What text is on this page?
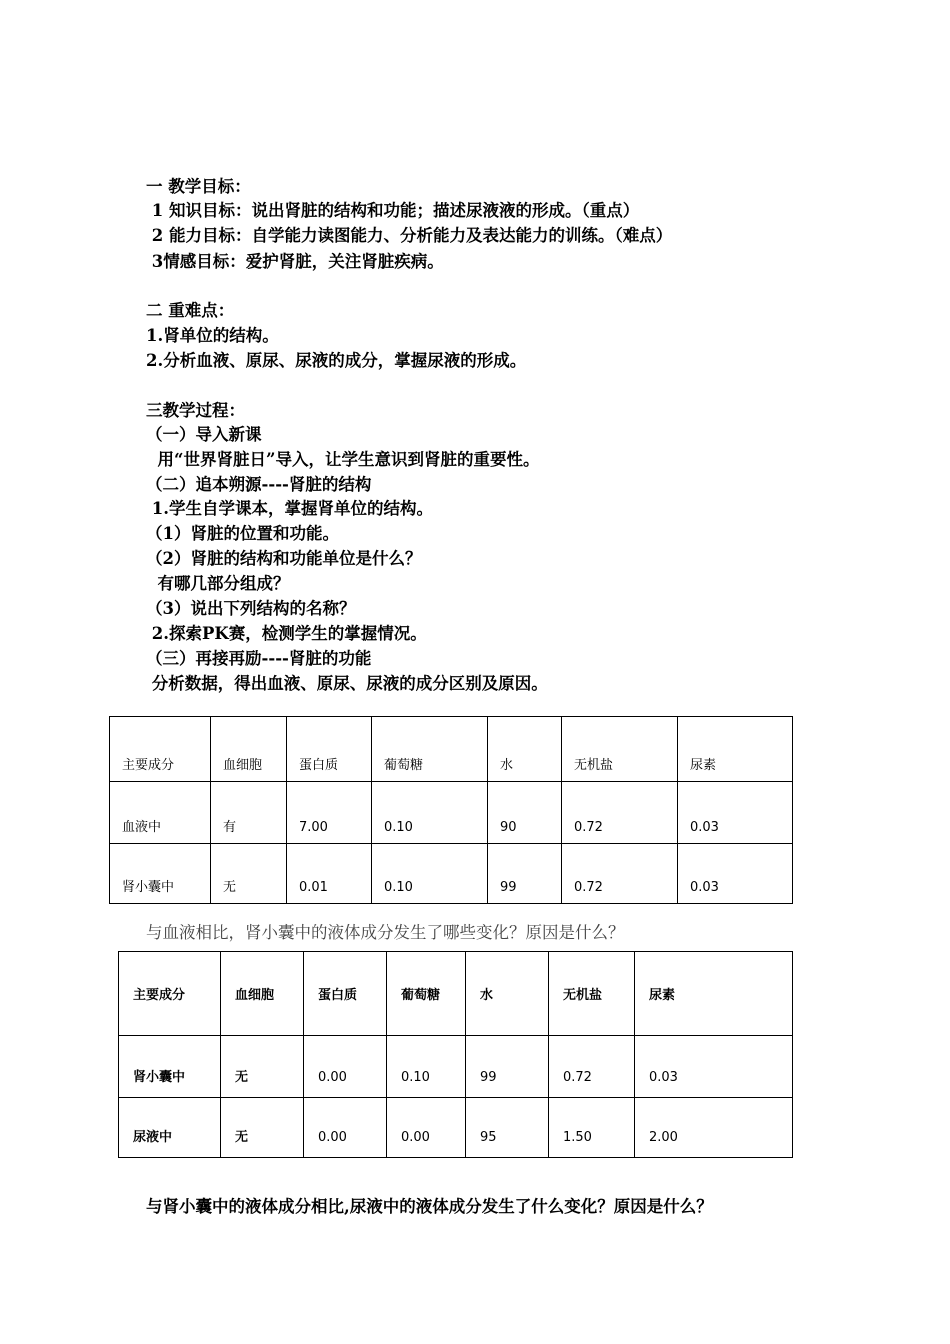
一 教学目标：
1 知识目标：说出肾脏的结构和功能；描述尿液液的形成。（重点）
2 能力目标：自学能力读图能力、分析能力及表达能力的训练。（难点）
3情感目标：爱护肾脏，关注肾脏疾病。
二 重难点：
1.肾单位的结构。
2.分析血液、原尿、尿液的成分，掌握尿液的形成。
三教学过程：
（一）导入新课
用“世界肾脏日”导入，让学生意识到肾脏的重要性。
（二）追本朔源----肾脏的结构
1.学生自学课本，掌握肾单位的结构。
（1）肾脏的位置和功能。
（2）肾脏的结构和功能单位是什么？
有哪几部分组成？
（3）说出下列结构的名称？
2.探索PK赛，检测学生的掌握情况。
（三）再接再励----肾脏的功能
分析数据，得出血液、原尿、尿液的成分区别及原因。
主要成分	血细胞	蛋白质	葡萄糖	水	无机盐	尿素
血液中	有	7.00	0.10	90	0.72	0.03
肾小囊中	无	0.01	0.10	99	0.72	0.03
与血液相比，肾小囊中的液体成分发生了哪些变化？原因是什么？
主要成分	血细胞	蛋白质	葡萄糖	水	无机盐	尿素
肾小囊中	无	0.00	0.10	99	0.72	0.03
尿液中	无	0.00	0.00	95	1.50	2.00
与肾小囊中的液体成分相比,尿液中的液体成分发生了什么变化？原因是什么？
